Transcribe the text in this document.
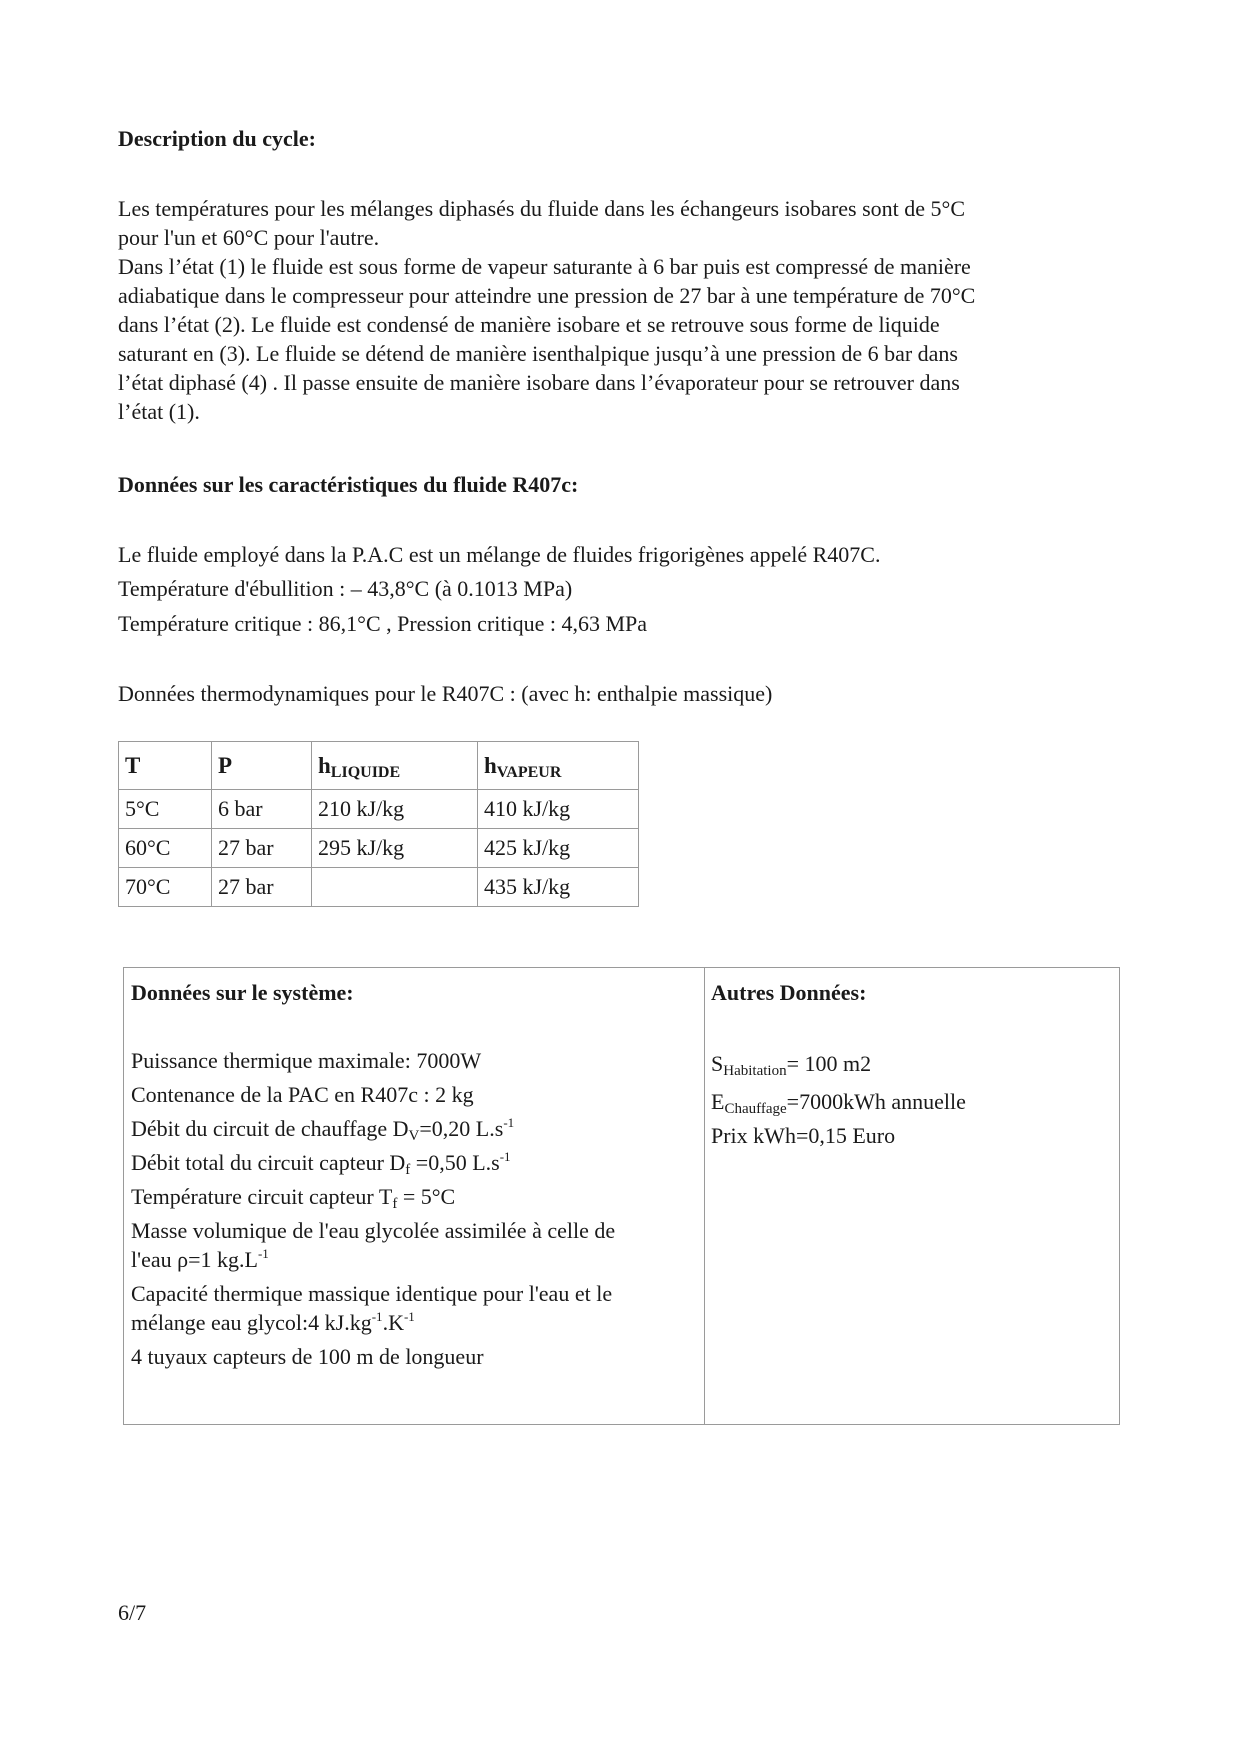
Description du cycle:
Les températures pour les mélanges diphasés du fluide dans les échangeurs isobares sont de 5°C
pour l'un et 60°C pour l'autre.
Dans l’état (1) le fluide est sous forme de vapeur saturante à 6 bar puis est compressé de manière
adiabatique dans le compresseur pour atteindre une pression de 27 bar à une température de 70°C
dans l’état (2). Le fluide est condensé de manière isobare et se retrouve sous forme de liquide
saturant en (3). Le fluide se détend de manière isenthalpique jusqu’à une pression de 6 bar dans
l’état diphasé (4) . Il passe ensuite de manière isobare dans l’évaporateur pour se retrouver dans
l’état (1).
Données sur les caractéristiques du fluide R407c:
Le fluide employé dans la P.A.C est un mélange de fluides frigorigènes appelé R407C.
Température d'ébullition : – 43,8°C (à 0.1013 MPa)
Température critique : 86,1°C , Pression critique : 4,63 MPa
Données thermodynamiques pour le R407C : (avec h: enthalpie massique)
T	P	$h_{LIQUIDE}$	$h_{VAPEUR}$
5°C	6 bar	210 kJ/kg	410 kJ/kg
60°C	27 bar	295 kJ/kg	425 kJ/kg
70°C	27 bar		435 kJ/kg
Données sur le système:
Puissance thermique maximale: 7000W
Contenance de la PAC en R407c : 2 kg
Débit du circuit de chauffage $D_V=0,20$ $L.s^{-1}$
Débit total du circuit capteur $D_f =0,50$ $L.s^{-1}$
Température circuit capteur $T_f = 5^\circ C$
Masse volumique de l'eau glycolée assimilée à celle de
l'eau ρ=1 $kg.L^{-1}$
Capacité thermique massique identique pour l'eau et le
mélange eau glycol:4 $kJ.kg^{-1}.K^{-1}$
4 tuyaux capteurs de 100 m de longueur
Autres Données:
$S_{Habitation}= 100$ m2
$E_{Chauffage}=7000kWh$ annuelle
Prix kWh=0,15 Euro
6/7
